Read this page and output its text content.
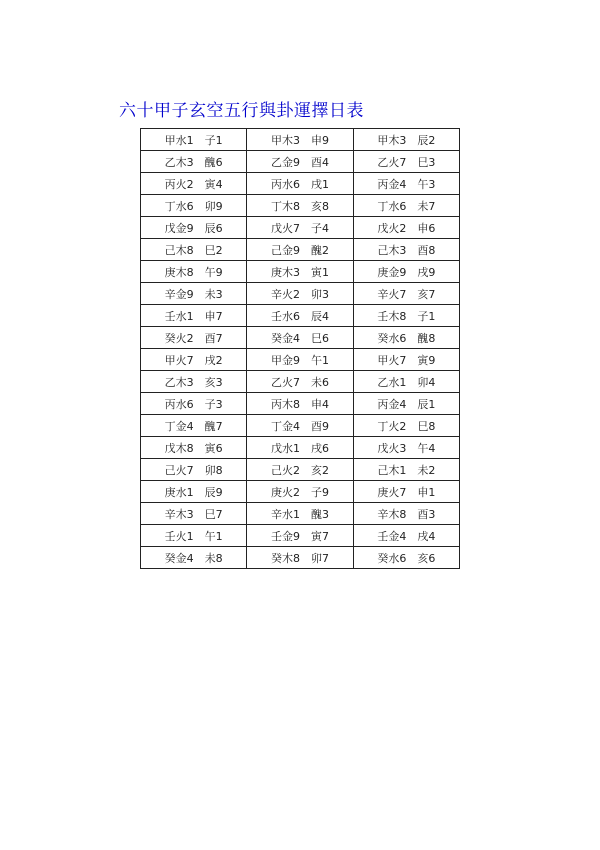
六十甲子玄空五行與卦運擇日表
甲水1　子1	甲木3　申9	甲木3　辰2
乙木3　醜6	乙金9　酉4	乙火7　巳3
丙火2　寅4	丙水6　戌1	丙金4　午3
丁水6　卯9	丁木8　亥8	丁水6　未7
戊金9　辰6	戊火7　子4	戊火2　申6
己木8　巳2	己金9　醜2	己木3　酉8
庚木8　午9	庚木3　寅1	庚金9　戌9
辛金9　未3	辛火2　卯3	辛火7　亥7
壬水1　申7	壬水6　辰4	壬木8　子1
癸火2　酉7	癸金4　巳6	癸水6　醜8
甲火7　戌2	甲金9　午1	甲火7　寅9
乙木3　亥3	乙火7　未6	乙水1　卯4
丙水6　子3	丙木8　申4	丙金4　辰1
丁金4　醜7	丁金4　酉9	丁火2　巳8
戊木8　寅6	戊水1　戌6	戊火3　午4
己火7　卯8	己火2　亥2	己木1　未2
庚水1　辰9	庚火2　子9	庚火7　申1
辛木3　巳7	辛水1　醜3	辛木8　酉3
壬火1　午1	壬金9　寅7	壬金4　戌4
癸金4　未8	癸木8　卯7	癸水6　亥6
